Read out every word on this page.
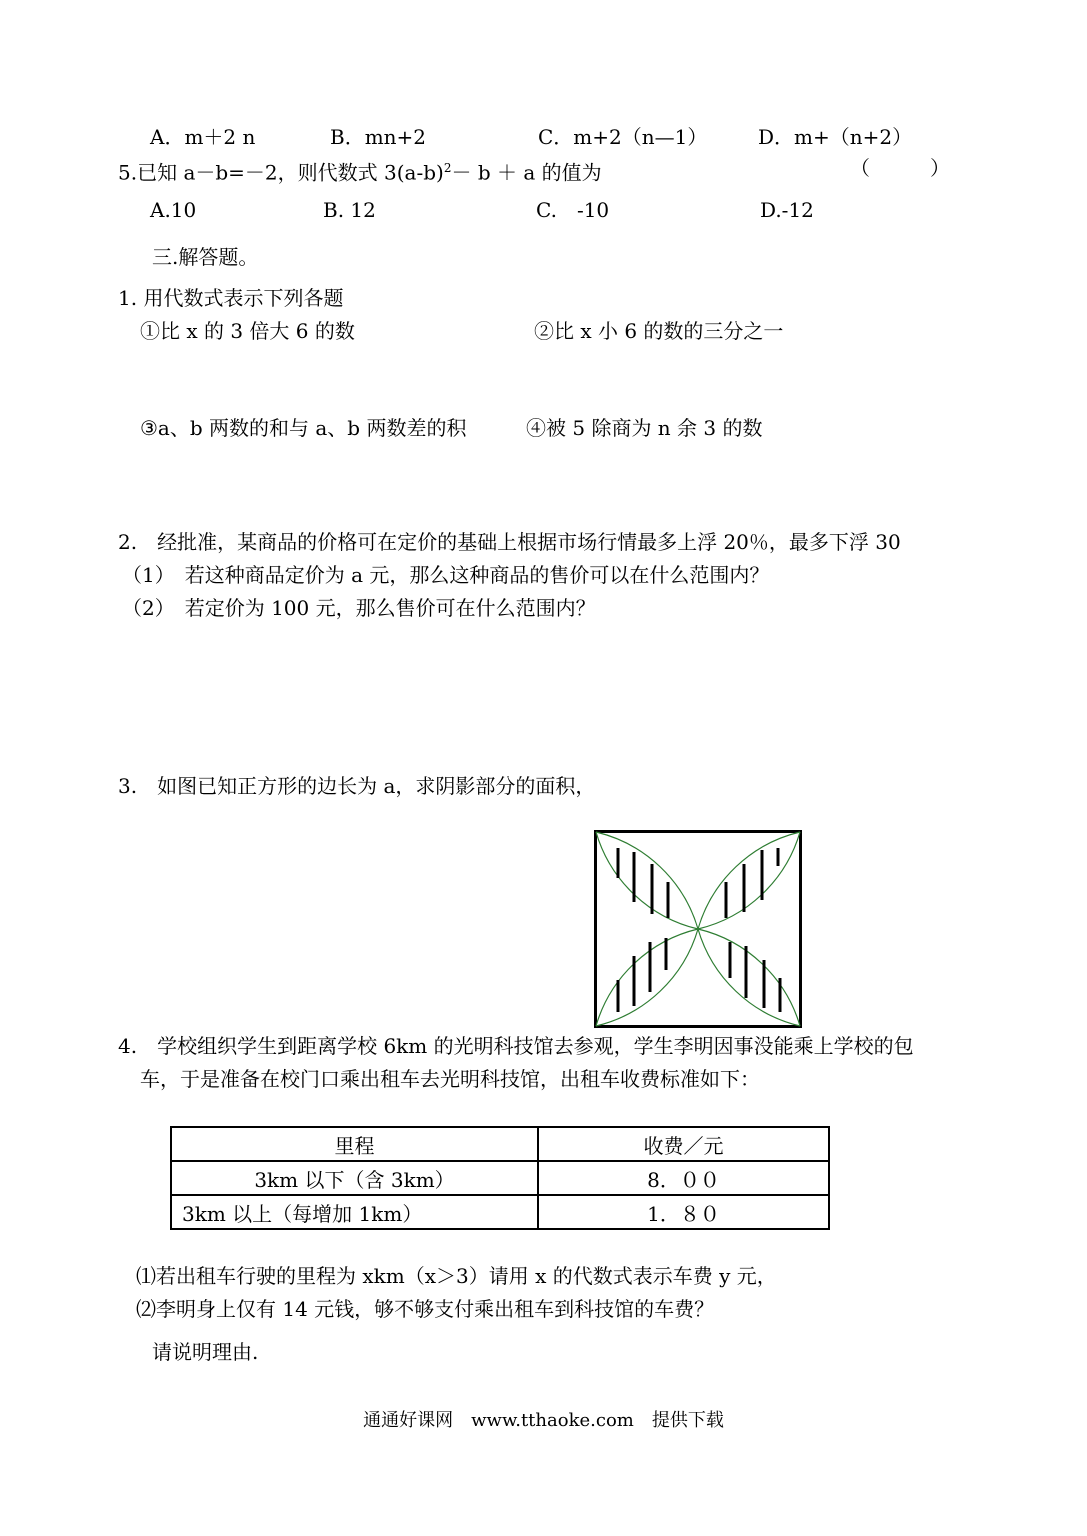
A．m＋2 n	B．mn+2	C．m+2（n—1）	D．m+（n+2）
5.已知 a－b=－2，则代数式 $3(a-b)^2- b + a$ 的值为	（　　　）
A.10	B. 12	C.　-10	D.-12
三.解答题。
1. 用代数式表示下列各题
①比 x 的 3 倍大 6 的数	②比 x 小 6 的数的三分之一
③a、b 两数的和与 a、b 两数差的积	④被 5 除商为 n 余 3 的数
2.　经批准，某商品的价格可在定价的基础上根据市场行情最多上浮 20％，最多下浮 30
（1）　若这种商品定价为 a 元，那么这种商品的售价可以在什么范围内？
（2）　若定价为 100 元，那么售价可在什么范围内？
3.　如图已知正方形的边长为 a，求阴影部分的面积，
4.　学校组织学生到距离学校 6km 的光明科技馆去参观，学生李明因事没能乘上学校的包
车，于是准备在校门口乘出租车去光明科技馆，出租车收费标准如下：
里程	收费／元
3km 以下（含 3km）	8．００
3km 以上（每增加 1km）	1．８０
⑴若出租车行驶的里程为 xkm（x＞3）请用 x 的代数式表示车费 y 元，
⑵李明身上仅有 14 元钱，够不够支付乘出租车到科技馆的车费？
请说明理由.
通通好课网　www.tthaoke.com　提供下载
